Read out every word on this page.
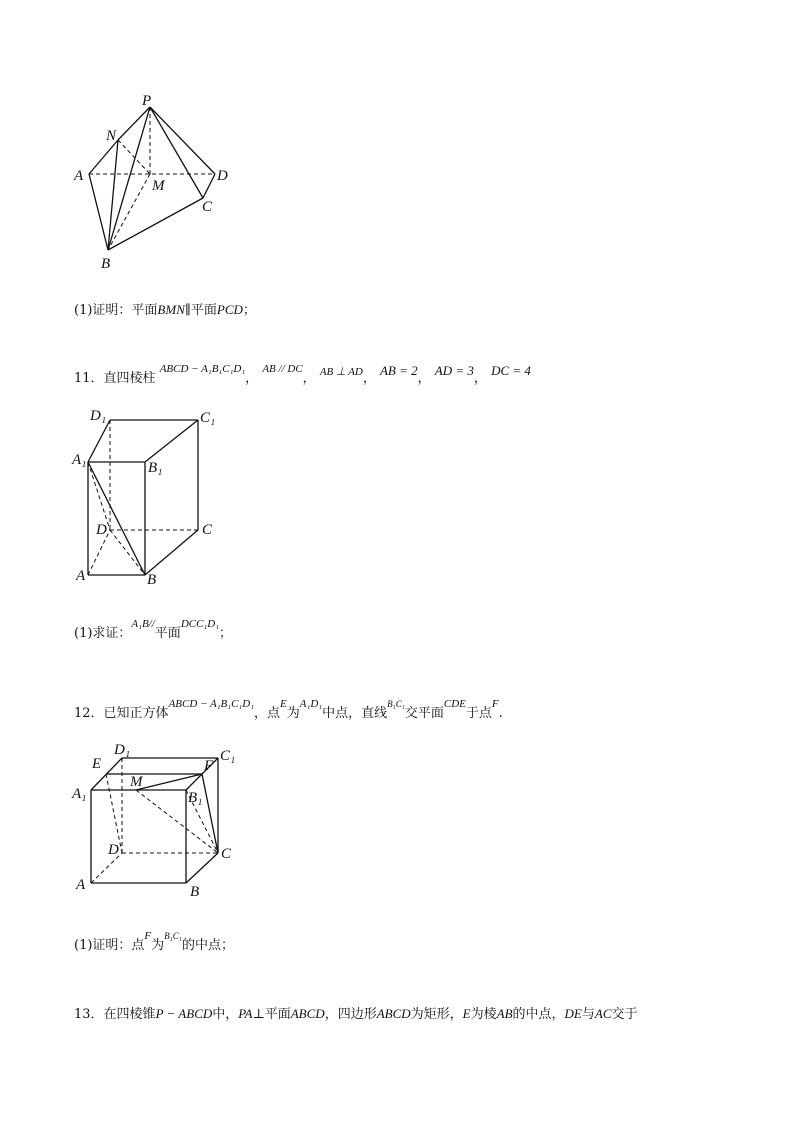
P
N
A
M
D
C
B
(1)证明：平面BMN∥平面PCD；
11．直四棱柱 $^{ABCD - A_1B_1C_1D_1}$， $^{AB // DC}$， $^{AB \perp AD}$， AB = 2， AD = 3， DC = 4
D₁	C₁
A₁	B₁
D	C
A	B
(1)求证：$^{A_1B//}$平面$^{DCC_1D_1}$；
12．已知正方体$^{ABCD - A_1B_1C_1D_1}$，点$^E$为$^{A_1D_1}$中点，直线$^{B_1C_1}$交平面$^{CDE}$于点$^F$.
D₁	C₁
E	F
M
A₁	B₁
D	C
A	B
(1)证明：点$^F$为$^{B_1C_1}$的中点；
13．在四棱锥P − ABCD中，PA⊥平面ABCD，四边形ABCD为矩形，E为棱AB的中点，DE与AC交于
